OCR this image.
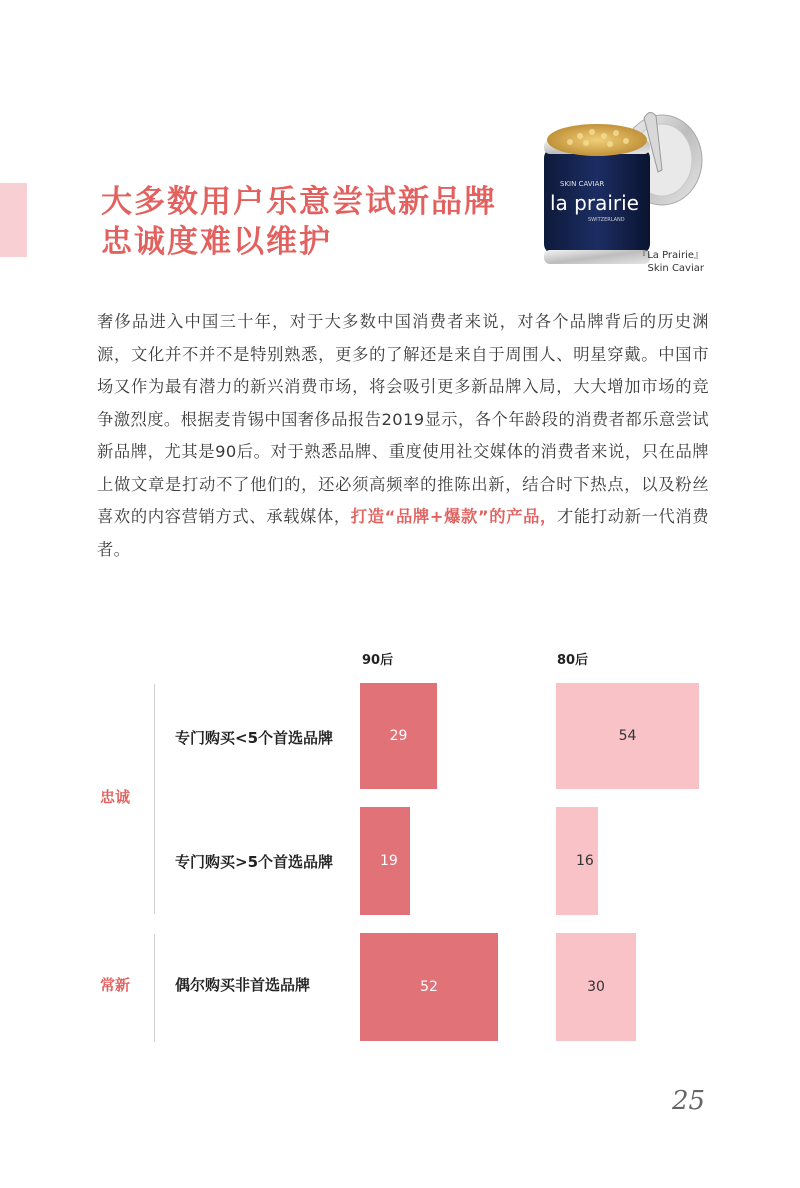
大多数用户乐意尝试新品牌
忠诚度难以维护
SKIN CAVIAR
la prairie
SWITZERLAND
『La Prairie』
Skin Caviar

奢侈品进入中国三十年，对于大多数中国消费者来说，对各个品牌背后的历史渊源，文化并不并不是特别熟悉，更多的了解还是来自于周围人、明星穿戴。中国市场又作为最有潜力的新兴消费市场，将会吸引更多新品牌入局，大大增加市场的竞争激烈度。根据麦肯锡中国奢侈品报告2019显示，各个年龄段的消费者都乐意尝试新品牌，尤其是90后。对于熟悉品牌、重度使用社交媒体的消费者来说，只在品牌上做文章是打动不了他们的，还必须高频率的推陈出新，结合时下热点，以及粉丝喜欢的内容营销方式、承载媒体，打造“品牌+爆款”的产品，才能打动新一代消费者。

90后	80后
忠诚
常新
专门购买<5个首选品牌
专门购买>5个首选品牌
偶尔购买非首选品牌
29
19
52
54
16
30
25
